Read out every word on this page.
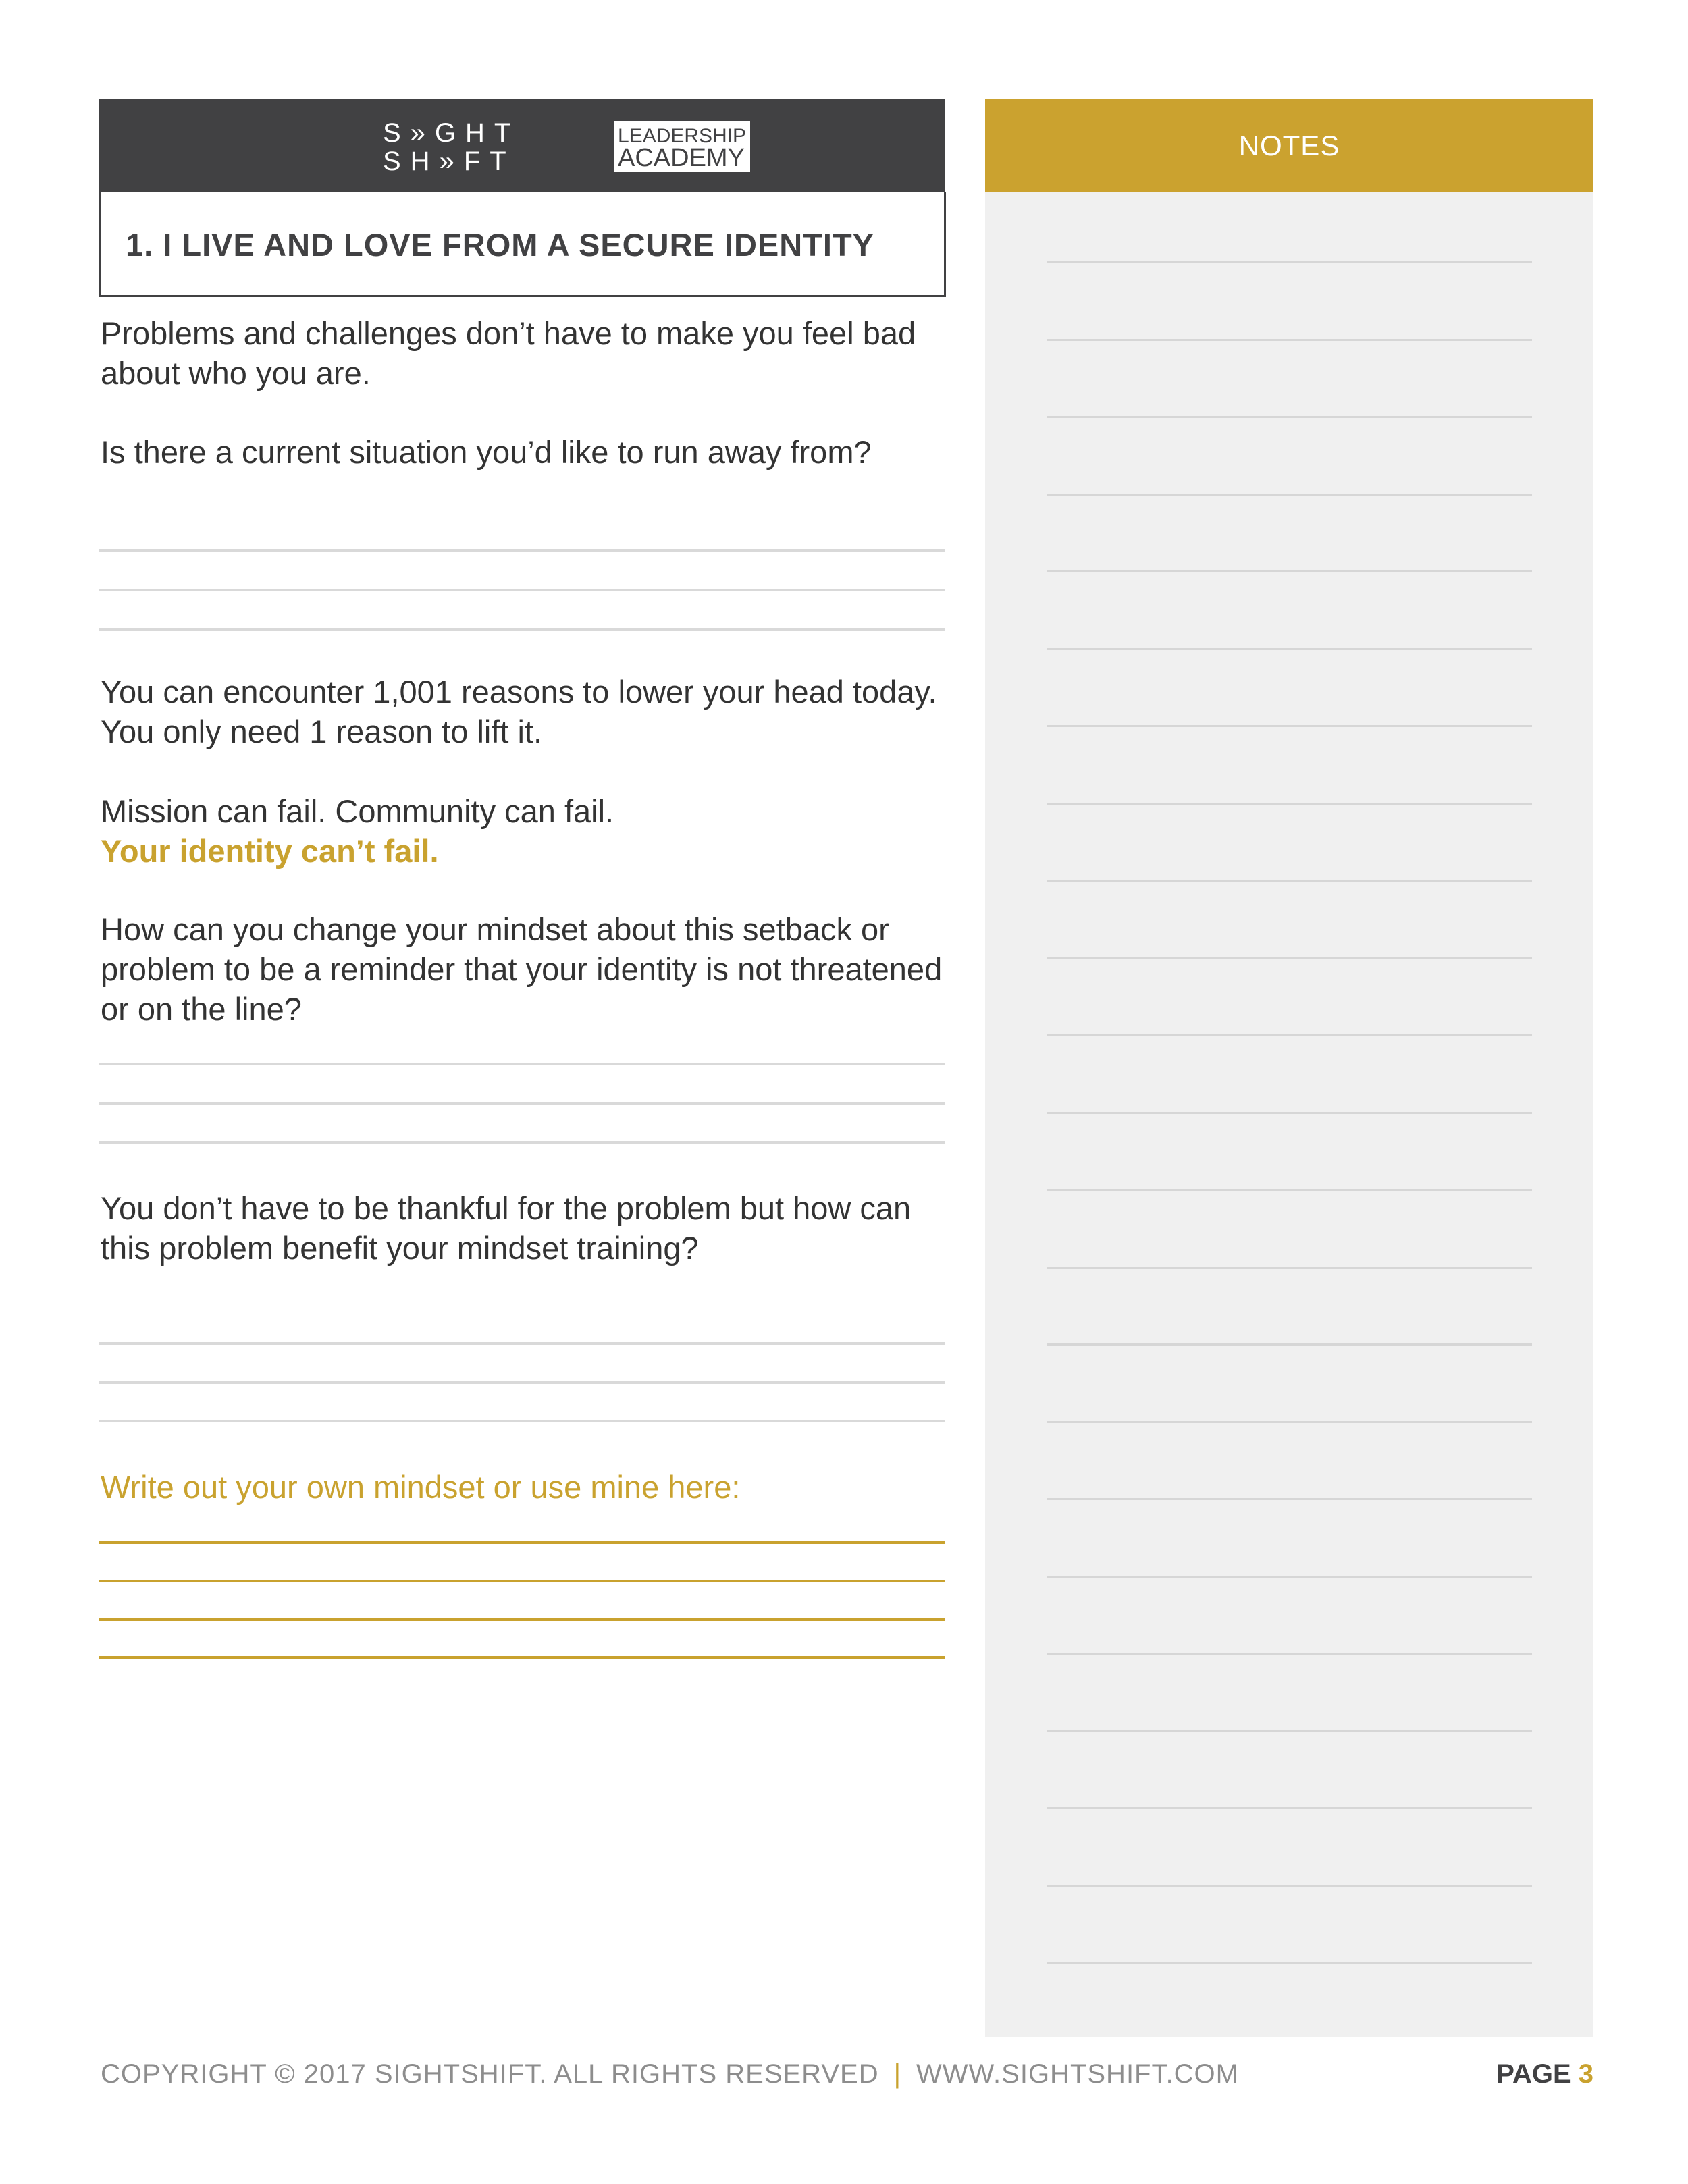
S»GHT
SH»FT
LEADERSHIP
ACADEMY
1. I LIVE AND LOVE FROM A SECURE IDENTITY
Problems and challenges don’t have to make you feel bad about who you are.
Is there a current situation you’d like to run away from?
You can encounter 1,001 reasons to lower your head today. You only need 1 reason to lift it.

Mission can fail. Community can fail.

Your identity can’t fail.

How can you change your mindset about this setback or problem to be a reminder that your identity is not threatened or on the line?
You don’t have to be thankful for the problem but how can this problem benefit your mindset training?
Write out your own mindset or use mine here:
NOTES
COPYRIGHT © 2017 SIGHTSHIFT. ALL RIGHTS RESERVED | WWW.SIGHTSHIFT.COM	PAGE 3
